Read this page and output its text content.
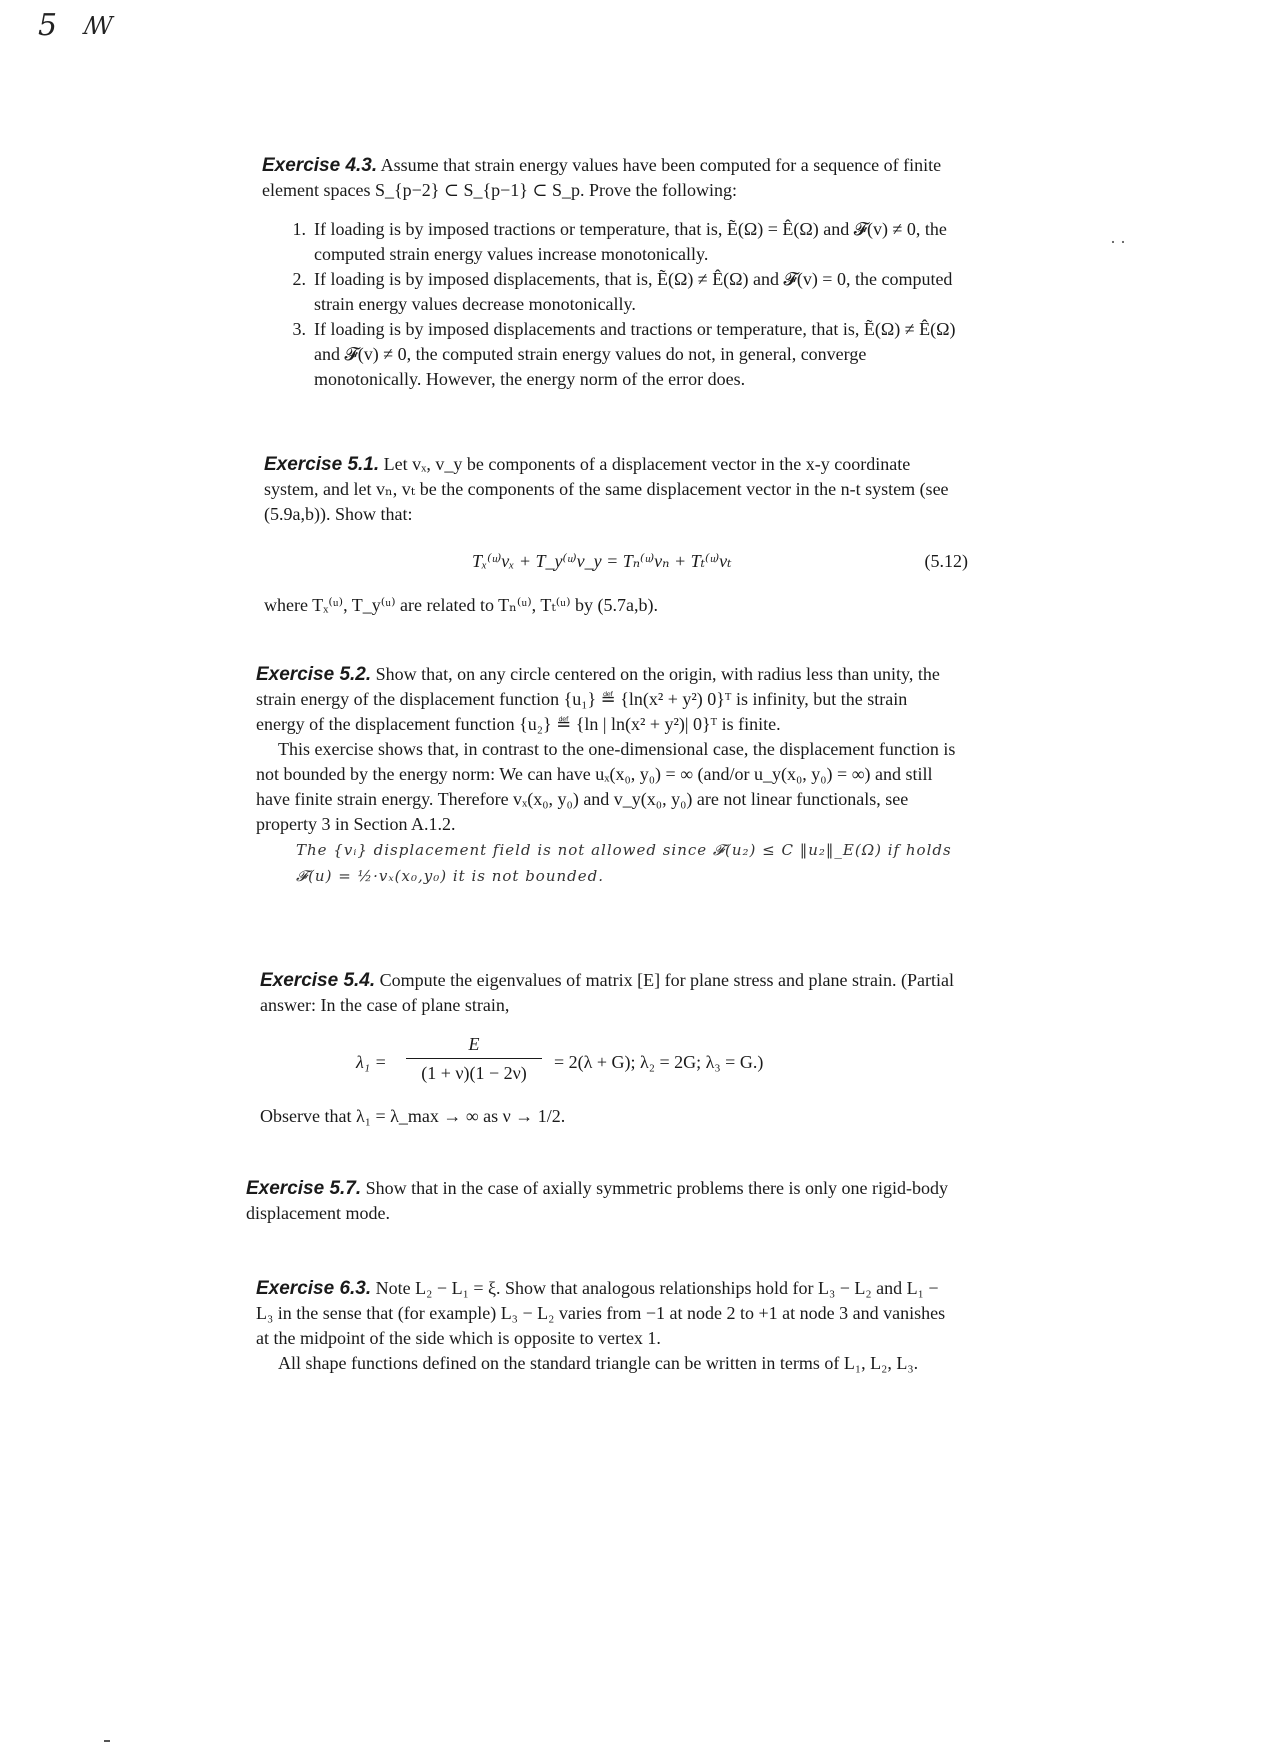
5 ꟿ
··

Exercise 4.3. Assume that strain energy values have been computed for a sequence of finite element spaces S_{p−2} ⊂ S_{p−1} ⊂ S_p. Prove the following:

1. If loading is by imposed tractions or temperature, that is, Ẽ(Ω) = Ê(Ω) and 𝓕(v) ≠ 0, the computed strain energy values increase monotonically.
2. If loading is by imposed displacements, that is, Ẽ(Ω) ≠ Ê(Ω) and 𝓕(v) = 0, the computed strain energy values decrease monotonically.
3. If loading is by imposed displacements and tractions or temperature, that is, Ẽ(Ω) ≠ Ê(Ω) and 𝓕(v) ≠ 0, the computed strain energy values do not, in general, converge monotonically. However, the energy norm of the error does.

Exercise 5.1. Let vₓ, v_y be components of a displacement vector in the x-y coordinate system, and let vₙ, vₜ be the components of the same displacement vector in the n-t system (see (5.9a,b)). Show that:

Tₓ⁽ᵘ⁾vₓ + T_y⁽ᵘ⁾v_y = Tₙ⁽ᵘ⁾vₙ + Tₜ⁽ᵘ⁾vₜ	(5.12)

where Tₓ⁽ᵘ⁾, T_y⁽ᵘ⁾ are related to Tₙ⁽ᵘ⁾, Tₜ⁽ᵘ⁾ by (5.7a,b).

Exercise 5.2. Show that, on any circle centered on the origin, with radius less than unity, the strain energy of the displacement function {u₁} ≝ {ln(x² + y²) 0}ᵀ is infinity, but the strain energy of the displacement function {u₂} ≝ {ln | ln(x² + y²)| 0}ᵀ is finite.

This exercise shows that, in contrast to the one-dimensional case, the displacement function is not bounded by the energy norm: We can have uₓ(x₀, y₀) = ∞ (and/or u_y(x₀, y₀) = ∞) and still have finite strain energy. Therefore vₓ(x₀, y₀) and v_y(x₀, y₀) are not linear functionals, see property 3 in Section A.1.2.

The {vᵢ} displacement field is not allowed since 𝓕(u₂) ≤ C ‖u₂‖_E(Ω) if holds 𝓕(u) = ½·vₓ(x₀,y₀) it is not bounded.

Exercise 5.4. Compute the eigenvalues of matrix [E] for plane stress and plane strain. (Partial answer: In the case of plane strain,

λ₁ =
E
(1 + ν)(1 − 2ν)
= 2(λ + G); λ₂ = 2G; λ₃ = G.)

Observe that λ₁ = λ_max → ∞ as ν → 1/2.

Exercise 5.7. Show that in the case of axially symmetric problems there is only one rigid-body displacement mode.

Exercise 6.3. Note L₂ − L₁ = ξ. Show that analogous relationships hold for L₃ − L₂ and L₁ − L₃ in the sense that (for example) L₃ − L₂ varies from −1 at node 2 to +1 at node 3 and vanishes at the midpoint of the side which is opposite to vertex 1.

All shape functions defined on the standard triangle can be written in terms of L₁, L₂, L₃.
